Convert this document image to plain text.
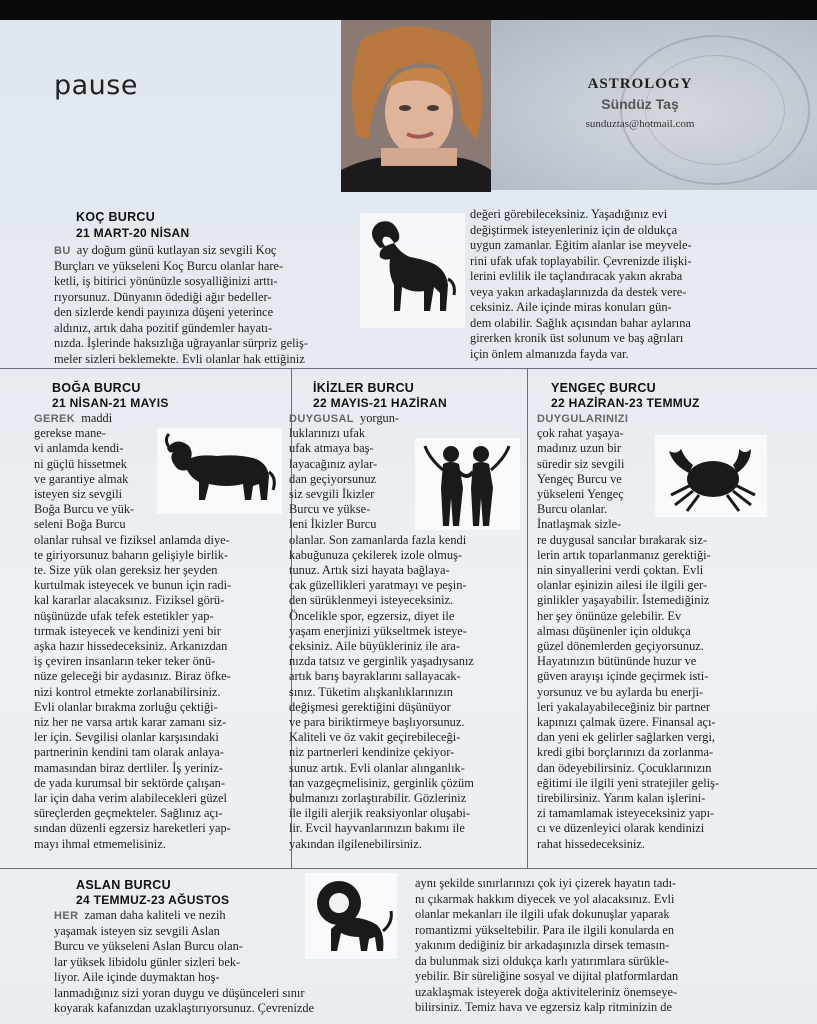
pause	ASTROLOGY
Sündüz Taş
sunduztas@hotmail.com
KOÇ BURCU
21 MART-20 NİSAN
BU ay doğum günü kutlayan siz sevgili Koç
Burçları ve yükseleni Koç Burcu olanlar hare-
ketli, iş bitirici yönünüzle sosyalliğinizi arttı-
rıyorsunuz. Dünyanın ödediği ağır bedeller-
den sizlerde kendi payınıza düşeni yeterince
aldınız, artık daha pozitif gündemler hayatı-
nızda. İşlerinde haksızlığa uğrayanlar sürpriz geliş-
meler sizleri beklemekte. Evli olanlar hak ettiğiniz
değeri görebileceksiniz. Yaşadığınız evi
değiştirmek isteyenleriniz için de oldukça
uygun zamanlar. Eğitim alanlar ise meyvele-
rini ufak ufak toplayabilir. Çevrenizde ilişki-
lerini evlilik ile taçlandıracak yakın akraba
veya yakın arkadaşlarınızda da destek vere-
ceksiniz. Aile içinde miras konuları gün-
dem olabilir. Sağlık açısından bahar aylarına
girerken kronik üst solunum ve baş ağrıları
için önlem almanızda fayda var.
BOĞA BURCU
21 NİSAN-21 MAYIS
GEREK maddi
gerekse mane-
vi anlamda kendi-
ni güçlü hissetmek
ve garantiye almak
isteyen siz sevgili
Boğa Burcu ve yük-
seleni Boğa Burcu
olanlar ruhsal ve fiziksel anlamda diye-
te giriyorsunuz baharın gelişiyle birlik-
te. Size yük olan gereksiz her şeyden
kurtulmak isteyecek ve bunun için radi-
kal kararlar alacaksınız. Fiziksel görü-
nüşünüzde ufak tefek estetikler yap-
tırmak isteyecek ve kendinizi yeni bir
aşka hazır hissedeceksiniz. Arkanızdan
iş çeviren insanların teker teker önü-
nüze geleceği bir aydasınız. Biraz öfke-
nizi kontrol etmekte zorlanabilirsiniz.
Evli olanlar bırakma zorluğu çektiği-
niz her ne varsa artık karar zamanı siz-
ler için. Sevgilisi olanlar karşısındaki
partnerinin kendini tam olarak anlaya-
mamasından biraz dertliler. İş yeriniz-
de yada kurumsal bir sektörde çalışan-
lar için daha verim alabilecekleri güzel
süreçlerden geçmekteler. Sağlınız açı-
sından düzenli egzersiz hareketleri yap-
mayı ihmal etmemelisiniz.
İKİZLER BURCU
22 MAYIS-21 HAZİRAN
DUYGUSAL yorgun-
luklarınızı ufak
ufak atmaya baş-
layacağınız aylar-
dan geçiyorsunuz
siz sevgili İkizler
Burcu ve yükse-
leni İkizler Burcu
olanlar. Son zamanlarda fazla kendi
kabuğunuza çekilerek izole olmuş-
tunuz. Artık sizi hayata bağlaya-
cak güzellikleri yaratmayı ve peşin-
den sürüklenmeyi isteyeceksiniz.
Öncelikle spor, egzersiz, diyet ile
yaşam enerjinizi yükseltmek isteye-
ceksiniz. Aile büyükleriniz ile ara-
nızda tatsız ve gerginlik yaşadıysanız
artık barış bayraklarını sallayacak-
sınız. Tüketim alışkanlıklarınızın
değişmesi gerektiğini düşünüyor
ve para biriktirmeye başlıyorsunuz.
Kaliteli ve öz vakit geçirebileceği-
niz partnerleri kendinize çekiyor-
sunuz artık. Evli olanlar alınganlık-
tan vazgeçmelisiniz, gerginlik çözüm
bulmanızı zorlaştırabilir. Gözleriniz
ile ilgili alerjik reaksiyonlar oluşabi-
lir. Evcil hayvanlarınızın bakımı ile
yakından ilgilenebilirsiniz.
YENGEÇ BURCU
22 HAZİRAN-23 TEMMUZ
DUYGULARINIZI
çok rahat yaşaya-
madınız uzun bir
süredir siz sevgili
Yengeç Burcu ve
yükseleni Yengeç
Burcu olanlar.
İnatlaşmak sizle-
re duygusal sancılar bırakarak siz-
lerin artık toparlanmanız gerektiği-
nin sinyallerini verdi çoktan. Evli
olanlar eşinizin ailesi ile ilgili ger-
ginlikler yaşayabilir. İstemediğiniz
her şey önünüze gelebilir. Ev
alması düşünenler için oldukça
güzel dönemlerden geçiyorsunuz.
Hayatınızın bütününde huzur ve
güven arayışı içinde geçirmek isti-
yorsunuz ve bu aylarda bu enerji-
leri yakalayabileceğiniz bir partner
kapınızı çalmak üzere. Finansal açı-
dan yeni ek gelirler sağlarken vergi,
kredi gibi borçlarınızı da zorlanma-
dan ödeyebilirsiniz. Çocuklarınızın
eğitimi ile ilgili yeni stratejiler geliş-
tirebilirsiniz. Yarım kalan işlerini-
zi tamamlamak isteyeceksiniz yapı-
cı ve düzenleyici olarak kendinizi
rahat hissedeceksiniz.
ASLAN BURCU
24 TEMMUZ-23 AĞUSTOS
HER zaman daha kaliteli ve nezih
yaşamak isteyen siz sevgili Aslan
Burcu ve yükseleni Aslan Burcu olan-
lar yüksek libidolu günler sizleri bek-
liyor. Aile içinde duymaktan hoş-
lanmadığınız sizi yoran duygu ve düşünceleri sınır
koyarak kafanızdan uzaklaştırıyorsunuz. Çevrenizde
aynı şekilde sınırlarınızı çok iyi çizerek hayatın tadı-
nı çıkarmak hakkım diyecek ve yol alacaksınız. Evli
olanlar mekanları ile ilgili ufak dokunuşlar yaparak
romantizmi yükseltebilir. Para ile ilgili konularda en
yakınım dediğiniz bir arkadaşınızla dirsek temasın-
da bulunmak sizi oldukça karlı yatırımlara sürükle-
yebilir. Bir süreliğine sosyal ve dijital platformlardan
uzaklaşmak isteyerek doğa aktiviteleriniz önemseye-
bilirsiniz. Temiz hava ve egzersiz kalp ritminizin de
